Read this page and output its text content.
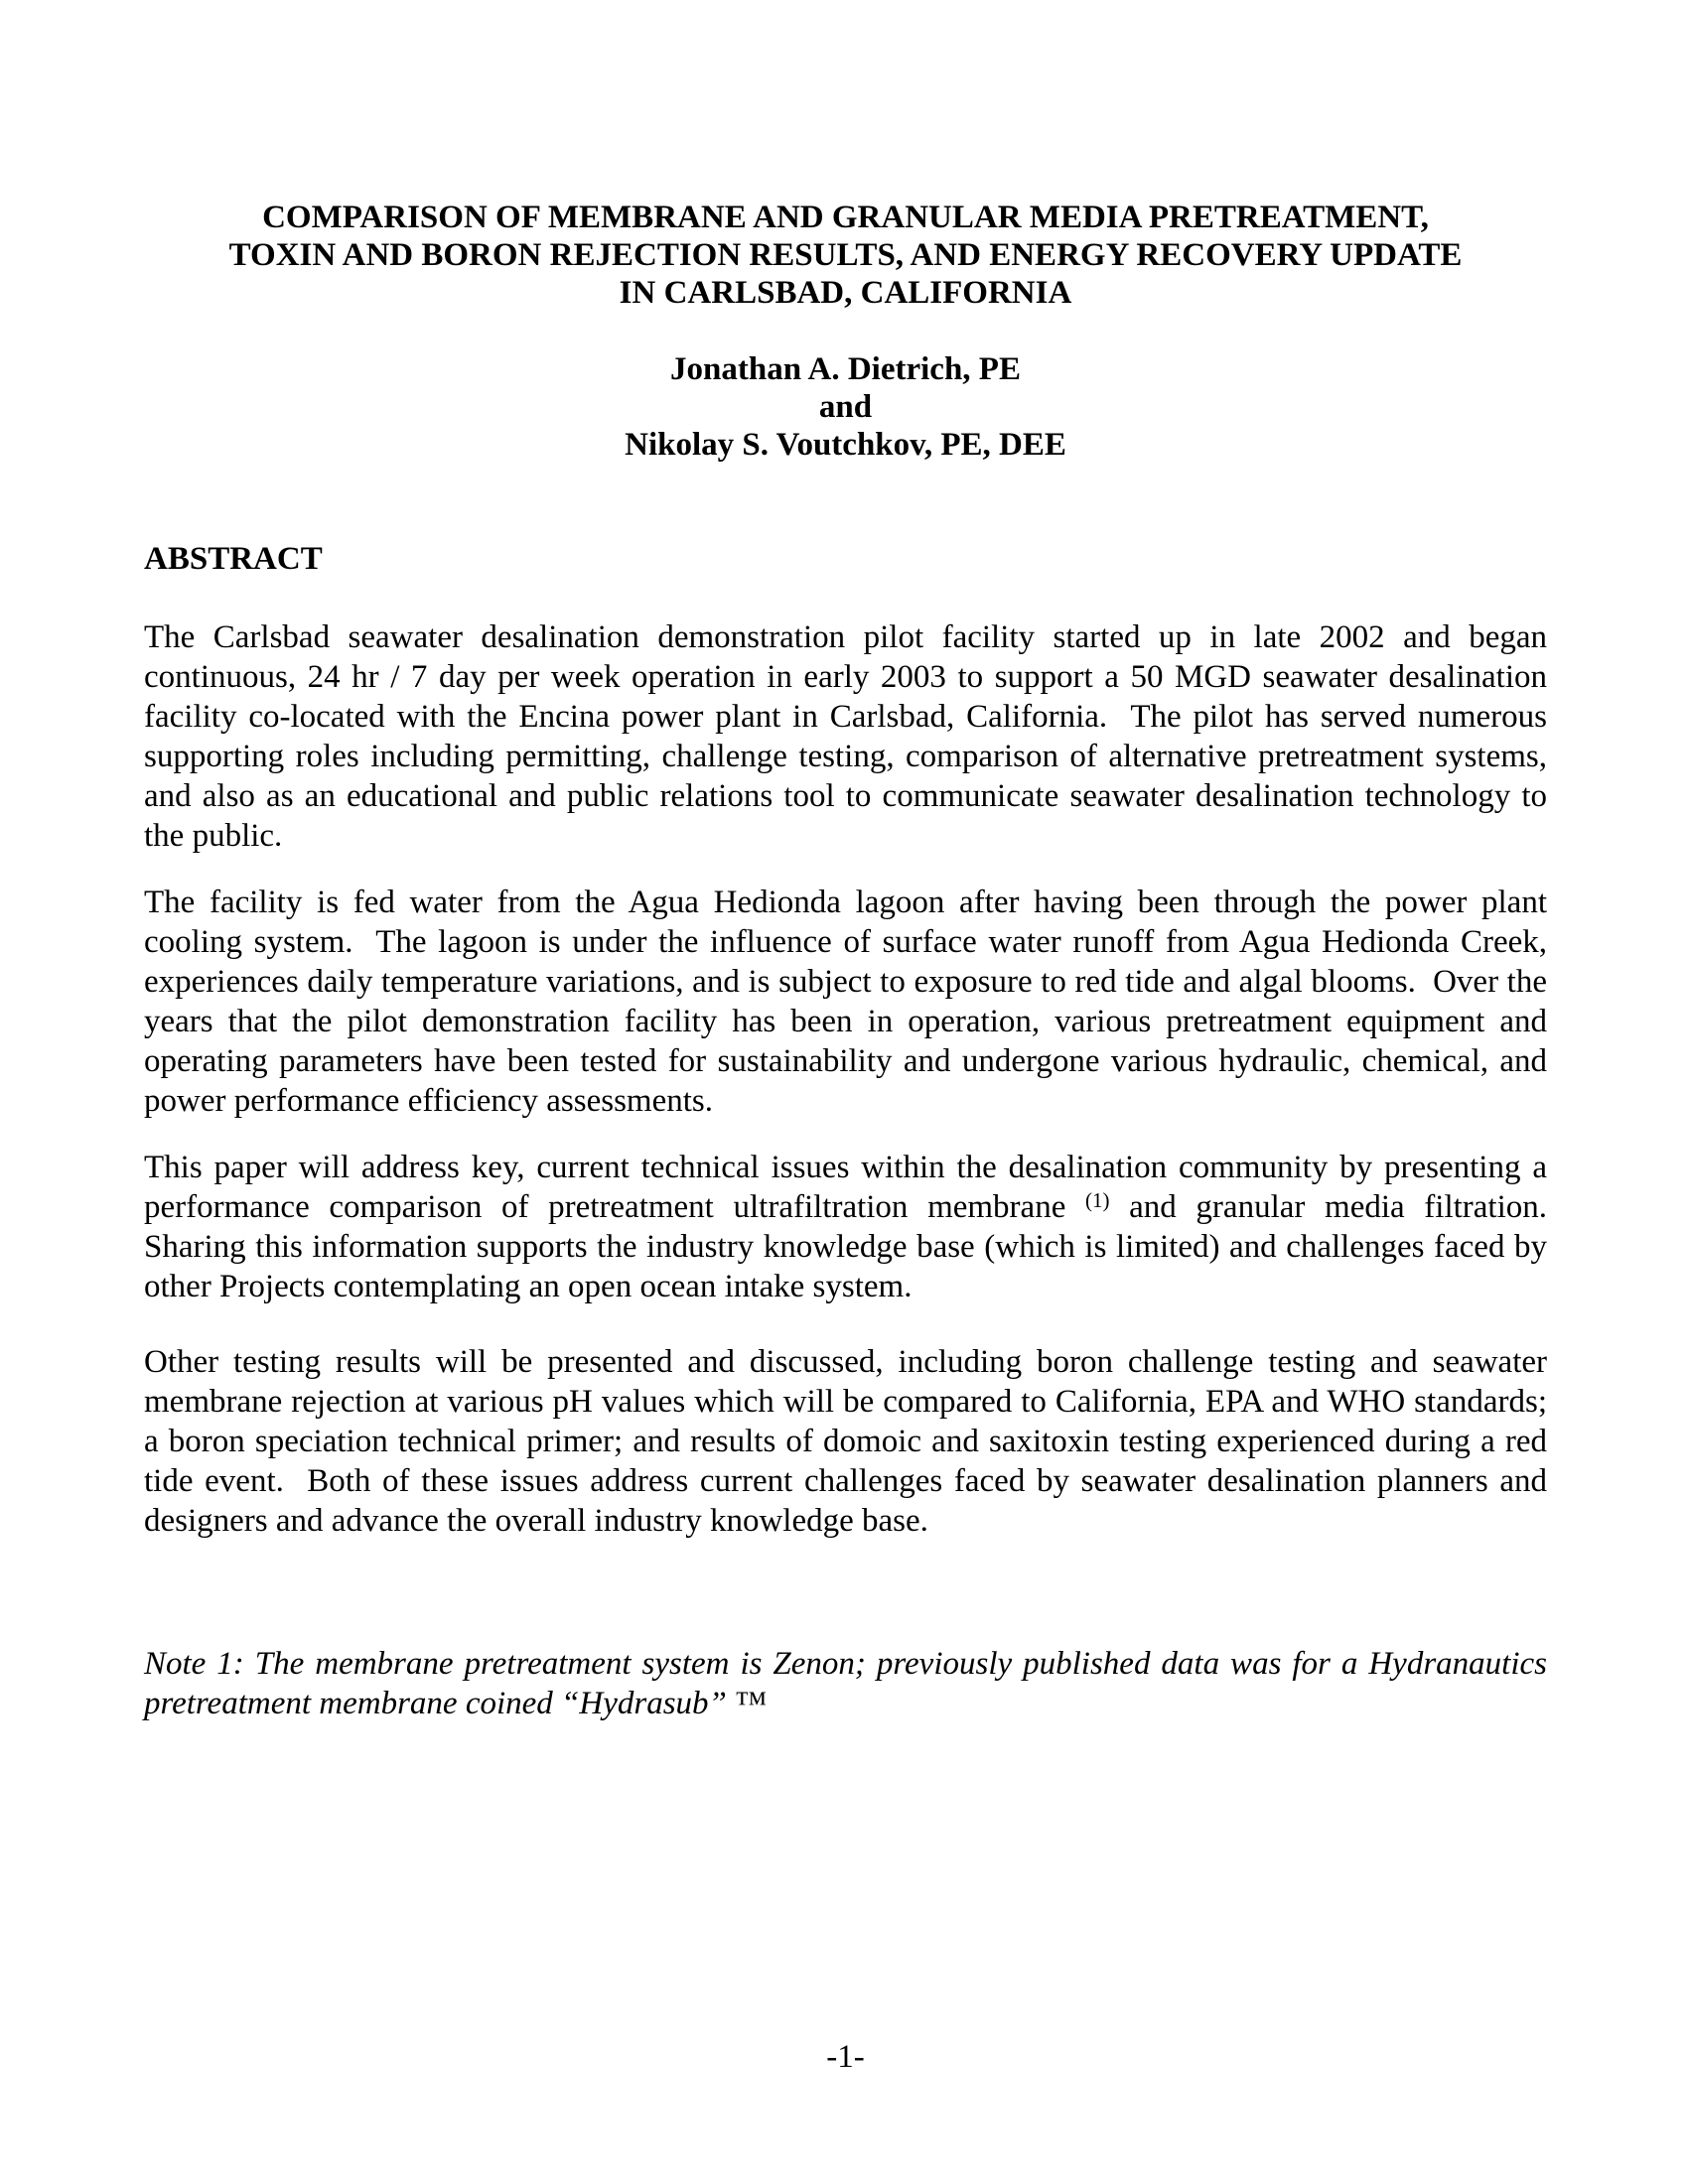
COMPARISON OF MEMBRANE AND GRANULAR MEDIA PRETREATMENT,
TOXIN AND BORON REJECTION RESULTS, AND ENERGY RECOVERY UPDATE
IN CARLSBAD, CALIFORNIA
Jonathan A. Dietrich, PE
and
Nikolay S. Voutchkov, PE, DEE
ABSTRACT

The Carlsbad seawater desalination demonstration pilot facility started up in late 2002 and began continuous, 24 hr / 7 day per week operation in early 2003 to support a 50 MGD seawater desalination facility co-located with the Encina power plant in Carlsbad, California.  The pilot has served numerous supporting roles including permitting, challenge testing, comparison of alternative pretreatment systems, and also as an educational and public relations tool to communicate seawater desalination technology to the public.

The facility is fed water from the Agua Hedionda lagoon after having been through the power plant cooling system.  The lagoon is under the influence of surface water runoff from Agua Hedionda Creek, experiences daily temperature variations, and is subject to exposure to red tide and algal blooms.  Over the years that the pilot demonstration facility has been in operation, various pretreatment equipment and operating parameters have been tested for sustainability and undergone various hydraulic, chemical, and power performance efficiency assessments.

This paper will address key, current technical issues within the desalination community by presenting a performance comparison of pretreatment ultrafiltration membrane $^{(1)}$ and granular media filtration.  Sharing this information supports the industry knowledge base (which is limited) and challenges faced by other Projects contemplating an open ocean intake system.

Other testing results will be presented and discussed, including boron challenge testing and seawater membrane rejection at various pH values which will be compared to California, EPA and WHO standards; a boron speciation technical primer; and results of domoic and saxitoxin testing experienced during a red tide event.  Both of these issues address current challenges faced by seawater desalination planners and designers and advance the overall industry knowledge base.

Note 1: The membrane pretreatment system is Zenon; previously published data was for a Hydranautics pretreatment membrane coined “Hydrasub” ™

-1-
